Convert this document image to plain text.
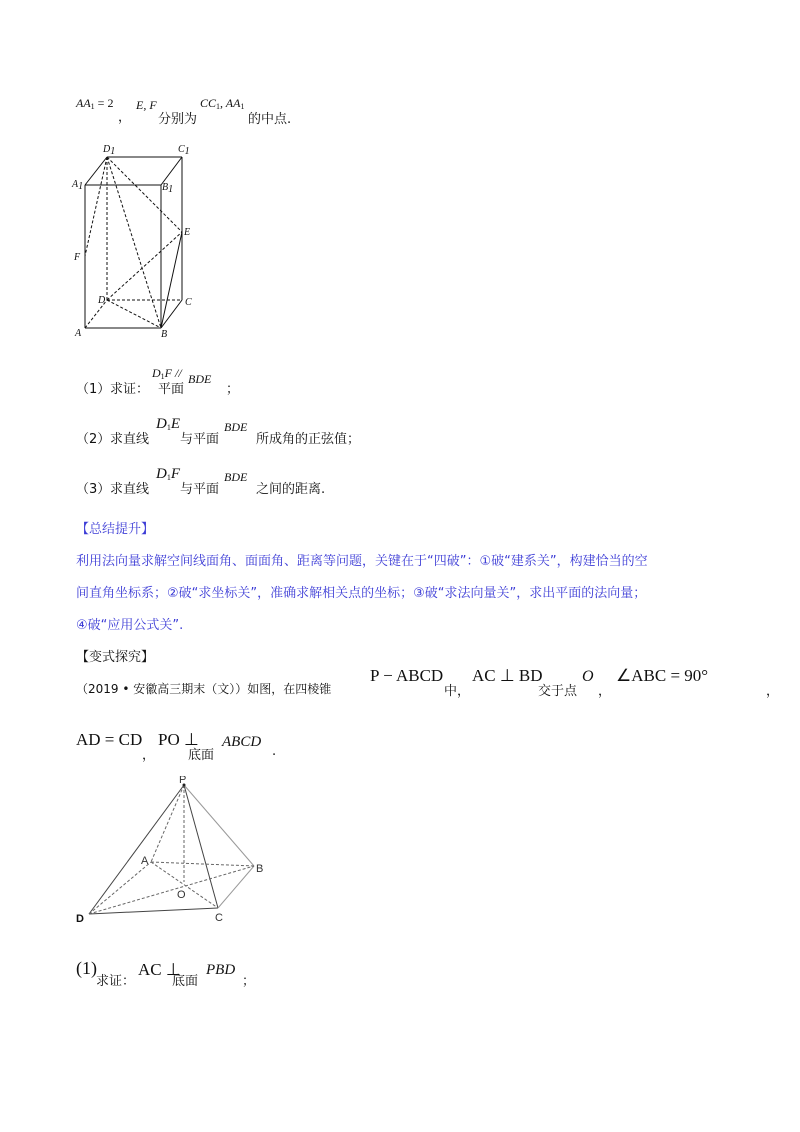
$AA_1 = 2$
，
E, F
分别为
$CC_1$, $AA_1$
的中点.
D1	C1
A1	B1
E
F
D	C
A	B
（1） 求证：
$D_1F$ //
平面
BDE
；
（2） 求直线
$D_1E$
与平面
BDE
所成角的正弦值；
（3） 求直线
$D_1F$
与平面
BDE
之间的距离.
【总结提升】
利用法向量求解空间线面角、面面角、距离等问题，关键在于“四破”：①破“建系关”，构建恰当的空
间直角坐标系；②破“求坐标关”，准确求解相关点的坐标；③破“求法向量关”，求出平面的法向量；
④破“应用公式关”.
【变式探究】
（2019 • 安徽高三期末（文））如图，在四棱锥
P − ABCD
中，
AC ⊥ BD
交于点
O
，
∠ABC = 90°
，
AD = CD
，
PO ⊥
底面
ABCD
.
P
A
B
O
C
D
(1)
求证：
AC ⊥
底面
PBD
；
